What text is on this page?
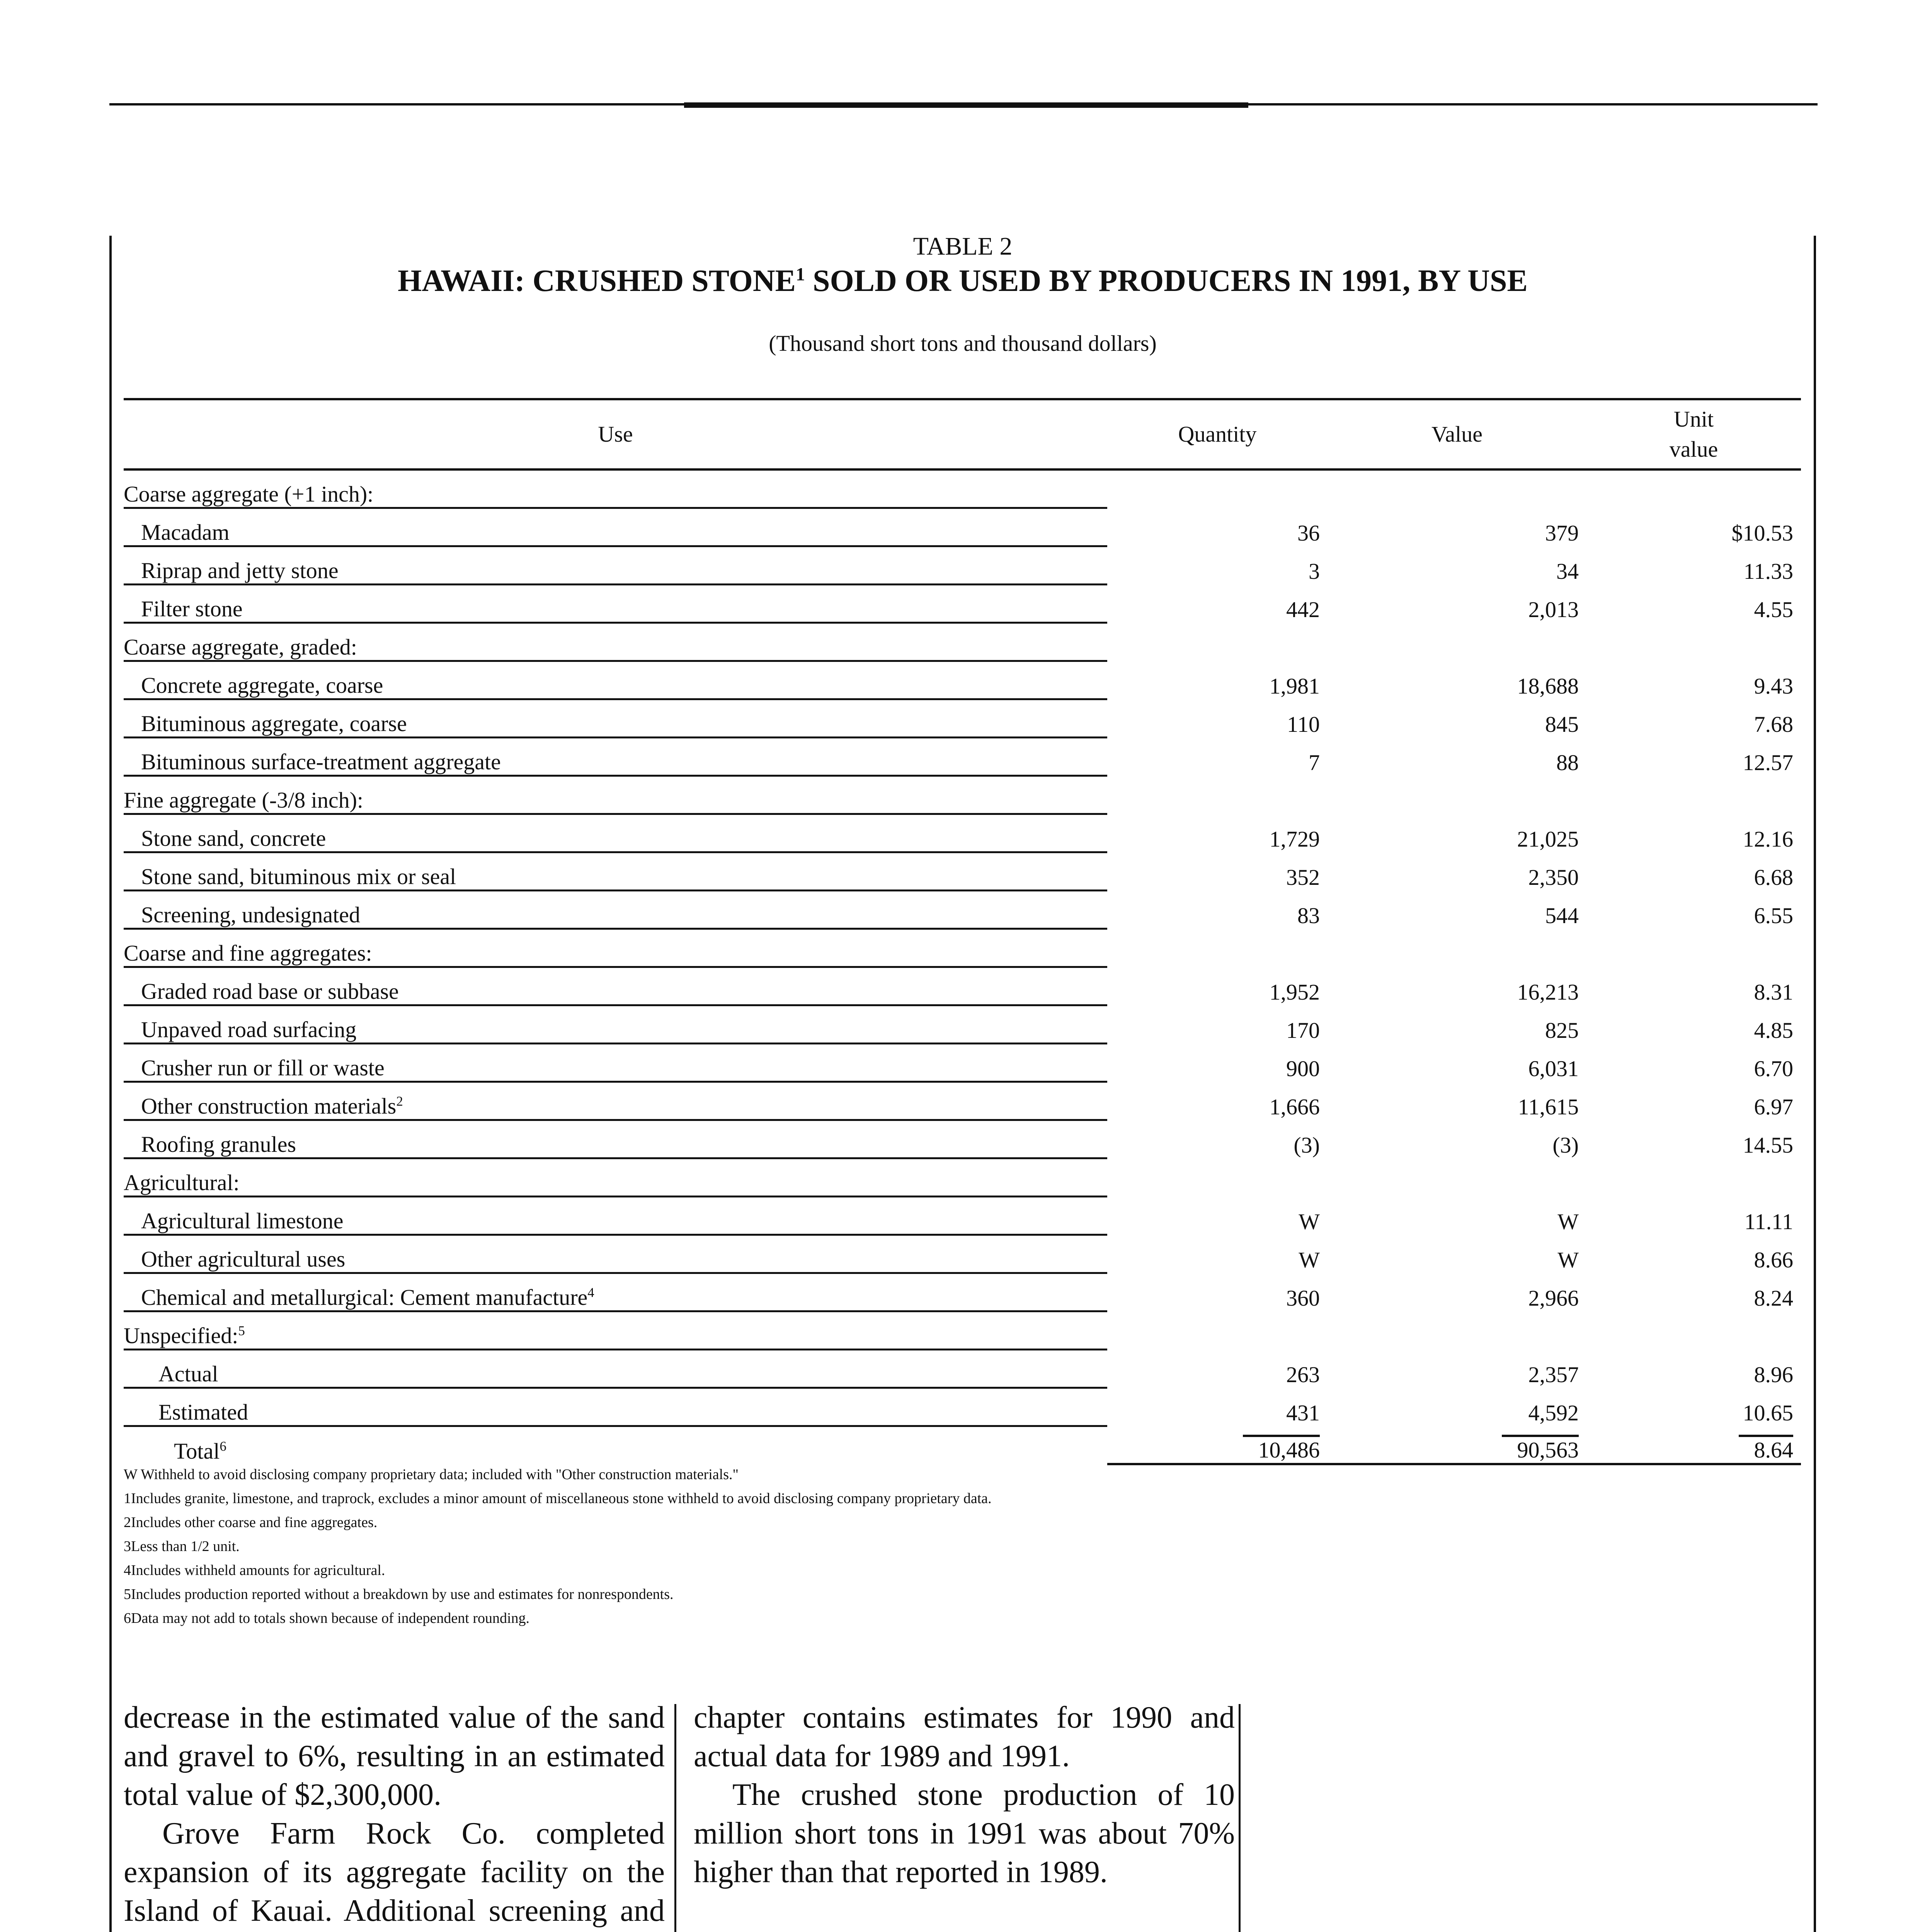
TABLE 2
HAWAII: CRUSHED STONE$^1$ SOLD OR USED BY PRODUCERS IN 1991, BY USE
(Thousand short tons and thousand dollars)
Use	Quantity	Value	Unit
value
Coarse aggregate (+1 inch):			
Macadam	36	379	$10.53
Riprap and jetty stone	3	34	11.33
Filter stone	442	2,013	4.55
Coarse aggregate, graded:			
Concrete aggregate, coarse	1,981	18,688	9.43
Bituminous aggregate, coarse	110	845	7.68
Bituminous surface-treatment aggregate	7	88	12.57
Fine aggregate (-3/8 inch):			
Stone sand, concrete	1,729	21,025	12.16
Stone sand, bituminous mix or seal	352	2,350	6.68
Screening, undesignated	83	544	6.55
Coarse and fine aggregates:			
Graded road base or subbase	1,952	16,213	8.31
Unpaved road surfacing	170	825	4.85
Crusher run or fill or waste	900	6,031	6.70
Other construction materials$^2$	1,666	11,615	6.97
Roofing granules	(3)	(3)	14.55
Agricultural:			
Agricultural limestone	W	W	11.11
Other agricultural uses	W	W	8.66
Chemical and metallurgical: Cement manufacture$^4$	360	2,966	8.24
Unspecified:$^5$			
Actual	263	2,357	8.96
Estimated	431	4,592	10.65
Total$^6$	10,486	90,563	8.64
W Withheld to avoid disclosing company proprietary data; included with "Other construction materials."
1Includes granite, limestone, and traprock, excludes a minor amount of miscellaneous stone withheld to avoid disclosing company proprietary data.
2Includes other coarse and fine aggregates.
3Less than 1/2 unit.
4Includes withheld amounts for agricultural.
5Includes production reported without a breakdown by use and estimates for nonrespondents.
6Data may not add to totals shown because of independent rounding.

decrease in the estimated value of the sand and gravel to 6%, resulting in an estimated total value of $2,300,000.

Grove Farm Rock Co. completed expansion of its aggregate facility on the Island of Kauai. Additional screening and

chapter contains estimates for 1990 and actual data for 1989 and 1991.

The crushed stone production of 10 million short tons in 1991 was about 70% higher than that reported in 1989.
